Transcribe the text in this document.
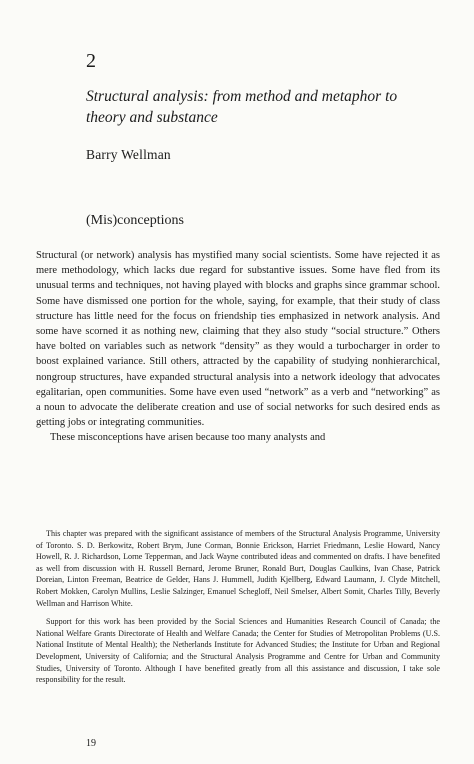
2
Structural analysis: from method and metaphor to theory and substance
Barry Wellman
(Mis)conceptions

Structural (or network) analysis has mystified many social scientists. Some have rejected it as mere methodology, which lacks due regard for substantive issues. Some have fled from its unusual terms and techniques, not having played with blocks and graphs since grammar school. Some have dismissed one portion for the whole, saying, for example, that their study of class structure has little need for the focus on friendship ties emphasized in network analysis. And some have scorned it as nothing new, claiming that they also study “social structure.” Others have bolted on variables such as network “density” as they would a turbocharger in order to boost explained variance. Still others, attracted by the capability of studying nonhierarchical, nongroup structures, have expanded structural analysis into a network ideology that advocates egalitarian, open communities. Some have even used “network” as a verb and “networking” as a noun to advocate the deliberate creation and use of social networks for such desired ends as getting jobs or integrating communities.

These misconceptions have arisen because too many analysts and

This chapter was prepared with the significant assistance of members of the Structural Analysis Programme, University of Toronto. S. D. Berkowitz, Robert Brym, June Corman, Bonnie Erickson, Harriet Friedmann, Leslie Howard, Nancy Howell, R. J. Richardson, Lorne Tepperman, and Jack Wayne contributed ideas and commented on drafts. I have benefited as well from discussion with H. Russell Bernard, Jerome Bruner, Ronald Burt, Douglas Caulkins, Ivan Chase, Patrick Doreian, Linton Freeman, Beatrice de Gelder, Hans J. Hummell, Judith Kjellberg, Edward Laumann, J. Clyde Mitchell, Robert Mokken, Carolyn Mullins, Leslie Salzinger, Emanuel Schegloff, Neil Smelser, Albert Somit, Charles Tilly, Beverly Wellman and Harrison White.

Support for this work has been provided by the Social Sciences and Humanities Research Council of Canada; the National Welfare Grants Directorate of Health and Welfare Canada; the Center for Studies of Metropolitan Problems (U.S. National Institute of Mental Health); the Netherlands Institute for Advanced Studies; the Institute for Urban and Regional Development, University of California; and the Structural Analysis Programme and Centre for Urban and Community Studies, University of Toronto. Although I have benefited greatly from all this assistance and discussion, I take sole responsibility for the result.

19
